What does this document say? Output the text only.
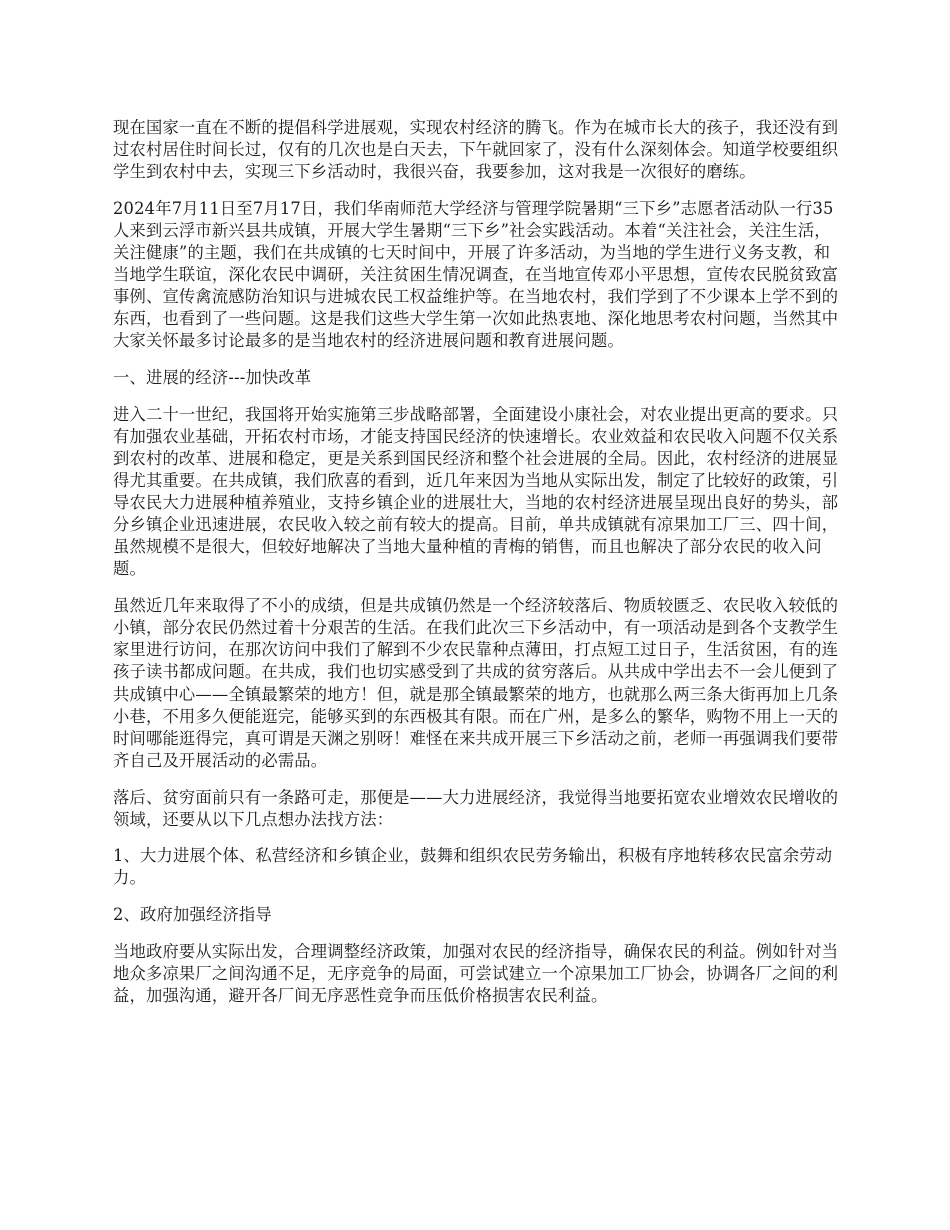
现在国家一直在不断的提倡科学进展观，实现农村经济的腾飞。作为在城市长大的孩子，我还没有到过农村居住时间长过，仅有的几次也是白天去，下午就回家了，没有什么深刻体会。知道学校要组织学生到农村中去，实现三下乡活动时，我很兴奋，我要参加，这对我是一次很好的磨练。

2024年7月11日至7月17日，我们华南师范大学经济与管理学院暑期“三下乡”志愿者活动队一行35人来到云浮市新兴县共成镇，开展大学生暑期“三下乡”社会实践活动。本着“关注社会，关注生活，关注健康”的主题，我们在共成镇的七天时间中，开展了许多活动，为当地的学生进行义务支教，和当地学生联谊，深化农民中调研，关注贫困生情况调查，在当地宣传邓小平思想，宣传农民脱贫致富事例、宣传禽流感防治知识与进城农民工权益维护等。在当地农村，我们学到了不少课本上学不到的东西，也看到了一些问题。这是我们这些大学生第一次如此热衷地、深化地思考农村问题，当然其中大家关怀最多讨论最多的是当地农村的经济进展问题和教育进展问题。

一、进展的经济---加快改革

进入二十一世纪，我国将开始实施第三步战略部署，全面建设小康社会，对农业提出更高的要求。只有加强农业基础，开拓农村市场，才能支持国民经济的快速增长。农业效益和农民收入问题不仅关系到农村的改革、进展和稳定，更是关系到国民经济和整个社会进展的全局。因此，农村经济的进展显得尤其重要。在共成镇，我们欣喜的看到，近几年来因为当地从实际出发，制定了比较好的政策，引导农民大力进展种植养殖业，支持乡镇企业的进展壮大，当地的农村经济进展呈现出良好的势头，部分乡镇企业迅速进展，农民收入较之前有较大的提高。目前，单共成镇就有凉果加工厂三、四十间，虽然规模不是很大，但较好地解决了当地大量种植的青梅的销售，而且也解决了部分农民的收入问题。

虽然近几年来取得了不小的成绩，但是共成镇仍然是一个经济较落后、物质较匮乏、农民收入较低的小镇，部分农民仍然过着十分艰苦的生活。在我们此次三下乡活动中，有一项活动是到各个支教学生家里进行访问，在那次访问中我们了解到不少农民靠种点薄田，打点短工过日子，生活贫困，有的连孩子读书都成问题。在共成，我们也切实感受到了共成的贫穷落后。从共成中学出去不一会儿便到了共成镇中心——全镇最繁荣的地方！但，就是那全镇最繁荣的地方，也就那么两三条大街再加上几条小巷，不用多久便能逛完，能够买到的东西极其有限。而在广州，是多么的繁华，购物不用上一天的时间哪能逛得完，真可谓是天渊之别呀！难怪在来共成开展三下乡活动之前，老师一再强调我们要带齐自己及开展活动的必需品。

落后、贫穷面前只有一条路可走，那便是——大力进展经济，我觉得当地要拓宽农业增效农民增收的领域，还要从以下几点想办法找方法：

1、大力进展个体、私营经济和乡镇企业，鼓舞和组织农民劳务输出，积极有序地转移农民富余劳动力。

2、政府加强经济指导

当地政府要从实际出发，合理调整经济政策，加强对农民的经济指导，确保农民的利益。例如针对当地众多凉果厂之间沟通不足，无序竞争的局面，可尝试建立一个凉果加工厂协会，协调各厂之间的利益，加强沟通，避开各厂间无序恶性竞争而压低价格损害农民利益。
